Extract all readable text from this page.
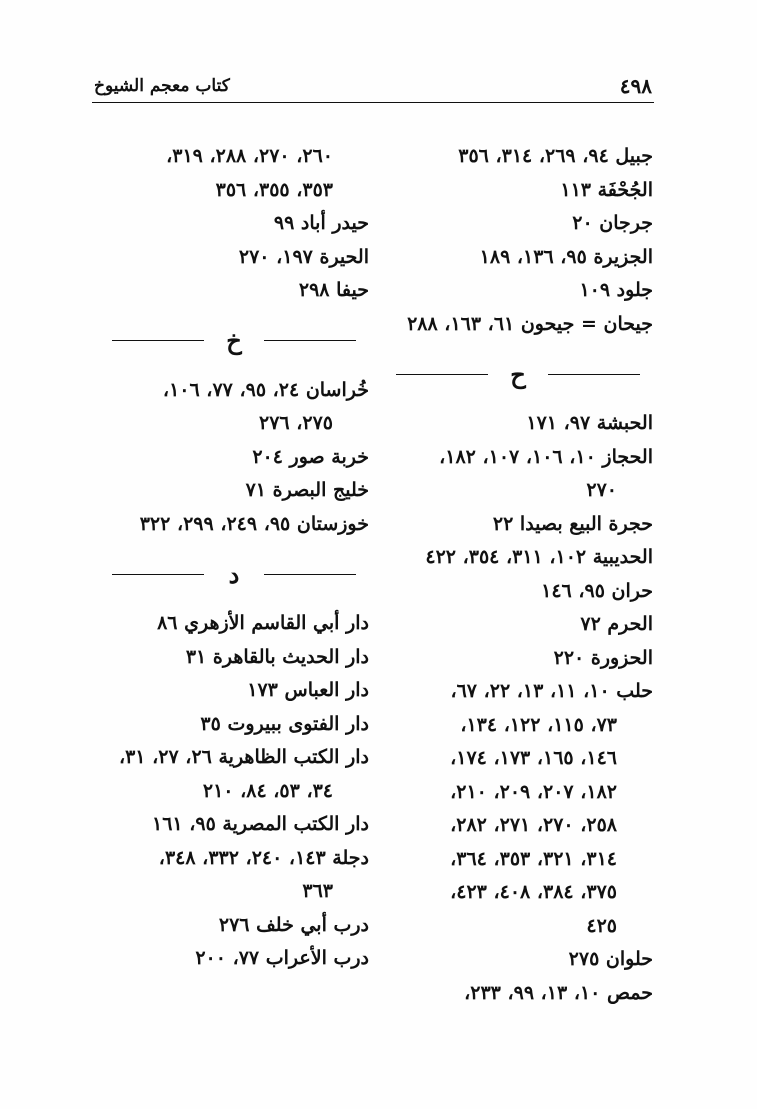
٤٩٨
كتاب معجم الشيوخ
جبيل ٩٤، ٢٦٩، ٣١٤، ٣٥٦
الجُحْفَة ١١٣
جرجان ٢٠
الجزيرة ٩٥، ١٣٦، ١٨٩
جلود ١٠٩
جيحان = جيحون ٦١، ١٦٣، ٢٨٨
ح
الحبشة ٩٧، ١٧١
الحجاز ١٠، ١٠٦، ١٠٧، ١٨٢،
٢٧٠
حجرة البيع بصيدا ٢٢
الحديبية ١٠٢، ٣١١، ٣٥٤، ٤٢٢
حران ٩٥، ١٤٦
الحرم ٧٢
الحزورة ٢٢٠
حلب ١٠، ١١، ١٣، ٢٢، ٦٧،
٧٣، ١١٥، ١٢٢، ١٣٤،
١٤٦، ١٦٥، ١٧٣، ١٧٤،
١٨٢، ٢٠٧، ٢٠٩، ٢١٠،
٢٥٨، ٢٧٠، ٢٧١، ٢٨٢،
٣١٤، ٣٢١، ٣٥٣، ٣٦٤،
٣٧٥، ٣٨٤، ٤٠٨، ٤٢٣،
٤٢٥
حلوان ٢٧٥
حمص ١٠، ١٣، ٩٩، ٢٣٣،
٢٦٠، ٢٧٠، ٢٨٨، ٣١٩،
٣٥٣، ٣٥٥، ٣٥٦
حيدر أباد ٩٩
الحيرة ١٩٧، ٢٧٠
حيفا ٢٩٨
خ
خُراسان ٢٤، ٩٥، ٧٧، ١٠٦،
٢٧٥، ٢٧٦
خربة صور ٢٠٤
خليج البصرة ٧١
خوزستان ٩٥، ٢٤٩، ٢٩٩، ٣٢٢
د
دار أبي القاسم الأزهري ٨٦
دار الحديث بالقاهرة ٣١
دار العباس ١٧٣
دار الفتوى ببيروت ٣٥
دار الكتب الظاهرية ٢٦، ٢٧، ٣١،
٣٤، ٥٣، ٨٤، ٢١٠
دار الكتب المصرية ٩٥، ١٦١
دجلة ١٤٣، ٢٤٠، ٣٣٢، ٣٤٨،
٣٦٣
درب أبي خلف ٢٧٦
درب الأعراب ٧٧، ٢٠٠
